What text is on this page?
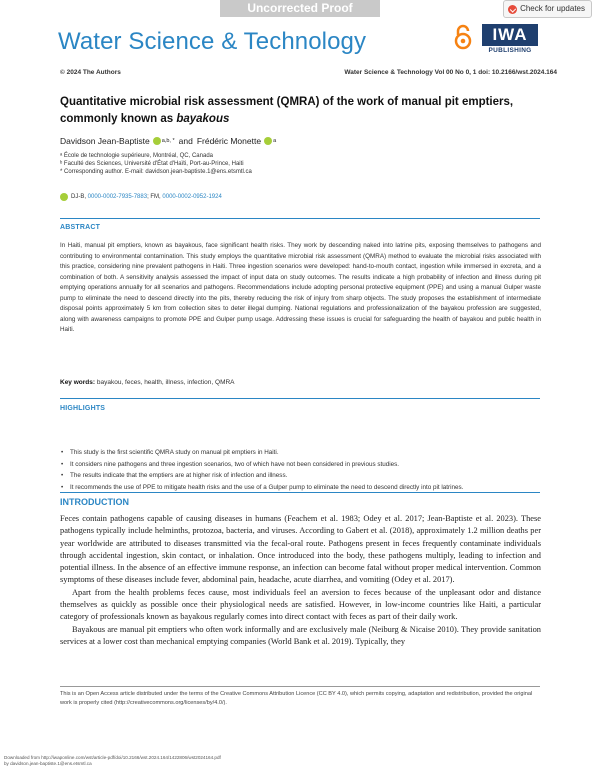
Uncorrected Proof	Check for updates
Water Science & Technology	IWA
PUBLISHING
© 2024 The Authors	Water Science & Technology Vol 00 No 0, 1 doi: 10.2166/wst.2024.164
Quantitative microbial risk assessment (QMRA) of the work of manual pit emptiers,
commonly known as bayakous
Davidson Jean-Baptiste a,b, * and Frédéric Monette a
ᵃ École de technologie supérieure, Montréal, QC, Canada
ᵇ Faculté des Sciences, Université d'État d'Haïti, Port-au-Prince, Haiti
* Corresponding author. E-mail: davidson.jean-baptiste.1@ens.etsmtl.ca
DJ-B,
0000-0002-7935-7883 ; FM,
0000-0002-0952-1924
ABSTRACT
In Haiti, manual pit emptiers, known as bayakous, face significant health risks. They work by descending naked into latrine pits, exposing themselves to pathogens and contributing to environmental contamination. This study employs the quantitative microbial risk assessment (QMRA) method to evaluate the microbial risks associated with this practice, considering nine prevalent pathogens in Haiti. Three ingestion scenarios were developed: hand-to-mouth contact, ingestion while immersed in excreta, and a combination of both. A sensitivity analysis assessed the impact of input data on study outcomes. The results indicate a high probability of infection and illness during pit emptying operations annually for all scenarios and pathogens. Recommendations include adopting personal protective equipment (PPE) and using a manual Gulper waste pump to eliminate the need to descend directly into the pits, thereby reducing the risk of injury from sharp objects. The study proposes the establishment of intermediate disposal points approximately 5 km from collection sites to deter illegal dumping. National regulations and professionalization of the bayakou profession are suggested, along with awareness campaigns to promote PPE and Gulper pump usage. Addressing these issues is crucial for safeguarding the health of bayakou and public health in Haiti.
Key words: bayakou, feces, health, illness, infection, QMRA
HIGHLIGHTS
• This study is the first scientific QMRA study on manual pit emptiers in Haiti.
• It considers nine pathogens and three ingestion scenarios, two of which have not been considered in previous studies.
• The results indicate that the emptiers are at higher risk of infection and illness.
• It recommends the use of PPE to mitigate health risks and the use of a Gulper pump to eliminate the need to descend directly into pit latrines.
INTRODUCTION

Feces contain pathogens capable of causing diseases in humans (Feachem et al. 1983; Odey et al. 2017; Jean-Baptiste et al. 2023). These pathogens typically include helminths, protozoa, bacteria, and viruses. According to Gabert et al. (2018), approximately 1.2 million deaths per year worldwide are attributed to diseases transmitted via the fecal-oral route. Pathogens present in feces frequently contaminate individuals through accidental ingestion, skin contact, or inhalation. Once introduced into the body, these pathogens multiply, leading to infection and potential illness. In the absence of an effective immune response, an infection can become fatal without proper medical intervention. Common symptoms of these diseases include fever, abdominal pain, headache, acute diarrhea, and vomiting (Odey et al. 2017).

Apart from the health problems feces cause, most individuals feel an aversion to feces because of the unpleasant odor and distance themselves as quickly as possible once their physiological needs are satisfied. However, in low-income countries like Haiti, a particular category of professionals known as bayakous regularly comes into direct contact with feces as part of their daily work.

Bayakous are manual pit emptiers who often work informally and are exclusively male (Neiburg & Nicaise 2010). They provide sanitation services at a lower cost than mechanical emptying companies (World Bank et al. 2019). Typically, they

This is an Open Access article distributed under the terms of the Creative Commons Attribution Licence (CC BY 4.0), which permits copying, adaptation and redistribution, provided the original work is properly cited (http://creativecommons.org/licenses/by/4.0/).
Downloaded from http://iwaponline.com/wst/article-pdf/doi/10.2166/wst.2024.164/1422806/wst2024164.pdf
by davidson.jean-baptiste.1@ens.etsmtl.ca
